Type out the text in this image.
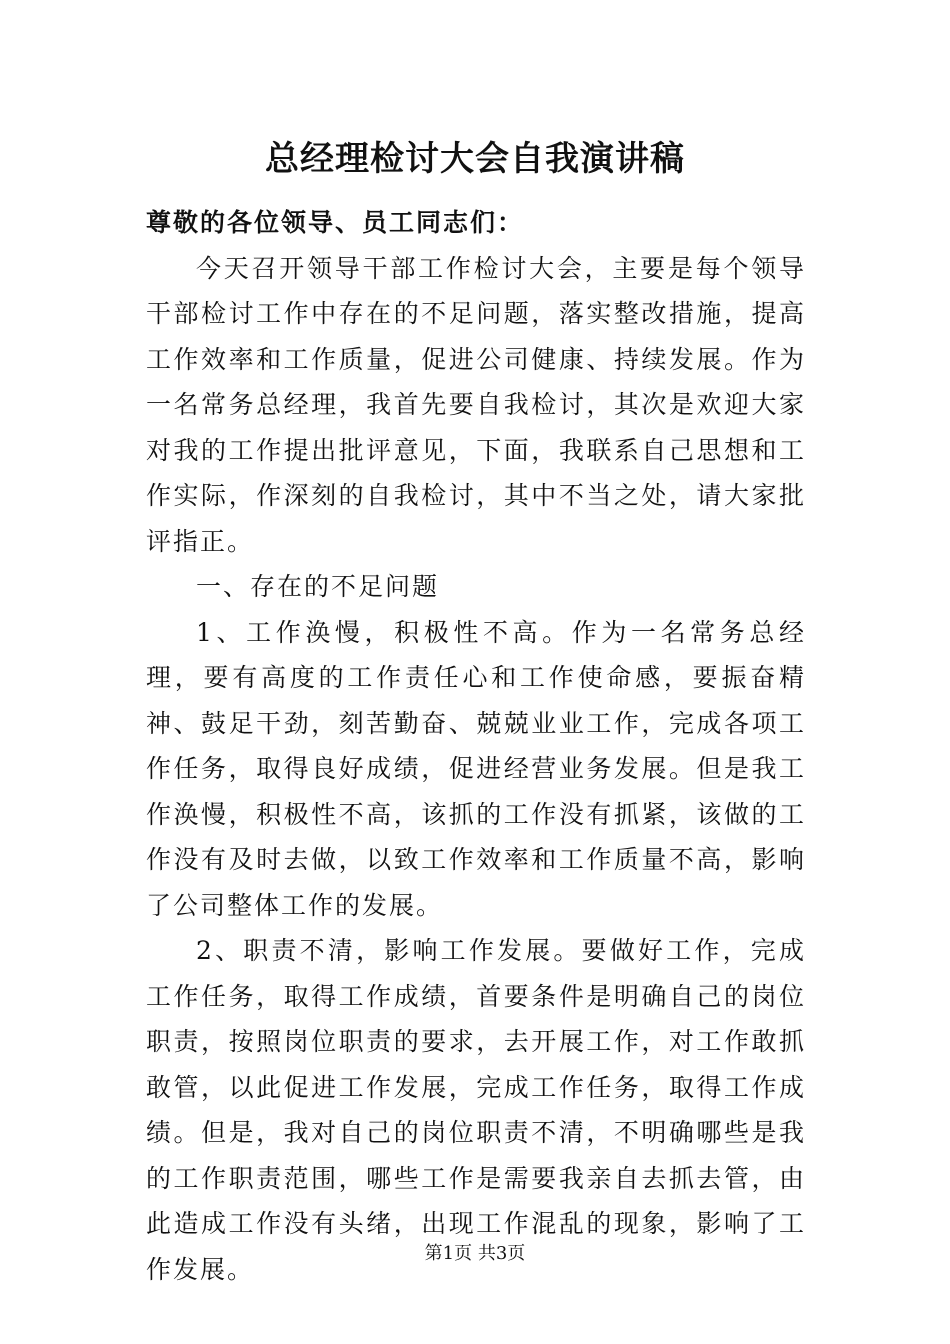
总经理检讨大会自我演讲稿

尊敬的各位领导、员工同志们：

今天召开领导干部工作检讨大会，主要是每个领导干部检讨工作中存在的不足问题，落实整改措施，提高工作效率和工作质量，促进公司健康、持续发展。作为一名常务总经理，我首先要自我检讨，其次是欢迎大家对我的工作提出批评意见，下面，我联系自己思想和工作实际，作深刻的自我检讨，其中不当之处，请大家批评指正。

一、存在的不足问题

1、工作涣慢，积极性不高。作为一名常务总经理，要有高度的工作责任心和工作使命感，要振奋精神、鼓足干劲，刻苦勤奋、兢兢业业工作，完成各项工作任务，取得良好成绩，促进经营业务发展。但是我工作涣慢，积极性不高，该抓的工作没有抓紧，该做的工作没有及时去做，以致工作效率和工作质量不高，影响了公司整体工作的发展。

2、职责不清，影响工作发展。要做好工作，完成工作任务，取得工作成绩，首要条件是明确自己的岗位职责，按照岗位职责的要求，去开展工作，对工作敢抓敢管，以此促进工作发展，完成工作任务，取得工作成绩。但是，我对自己的岗位职责不清，不明确哪些是我的工作职责范围，哪些工作是需要我亲自去抓去管，由此造成工作没有头绪，出现工作混乱的现象，影响了工作发展。

第1页 共3页
